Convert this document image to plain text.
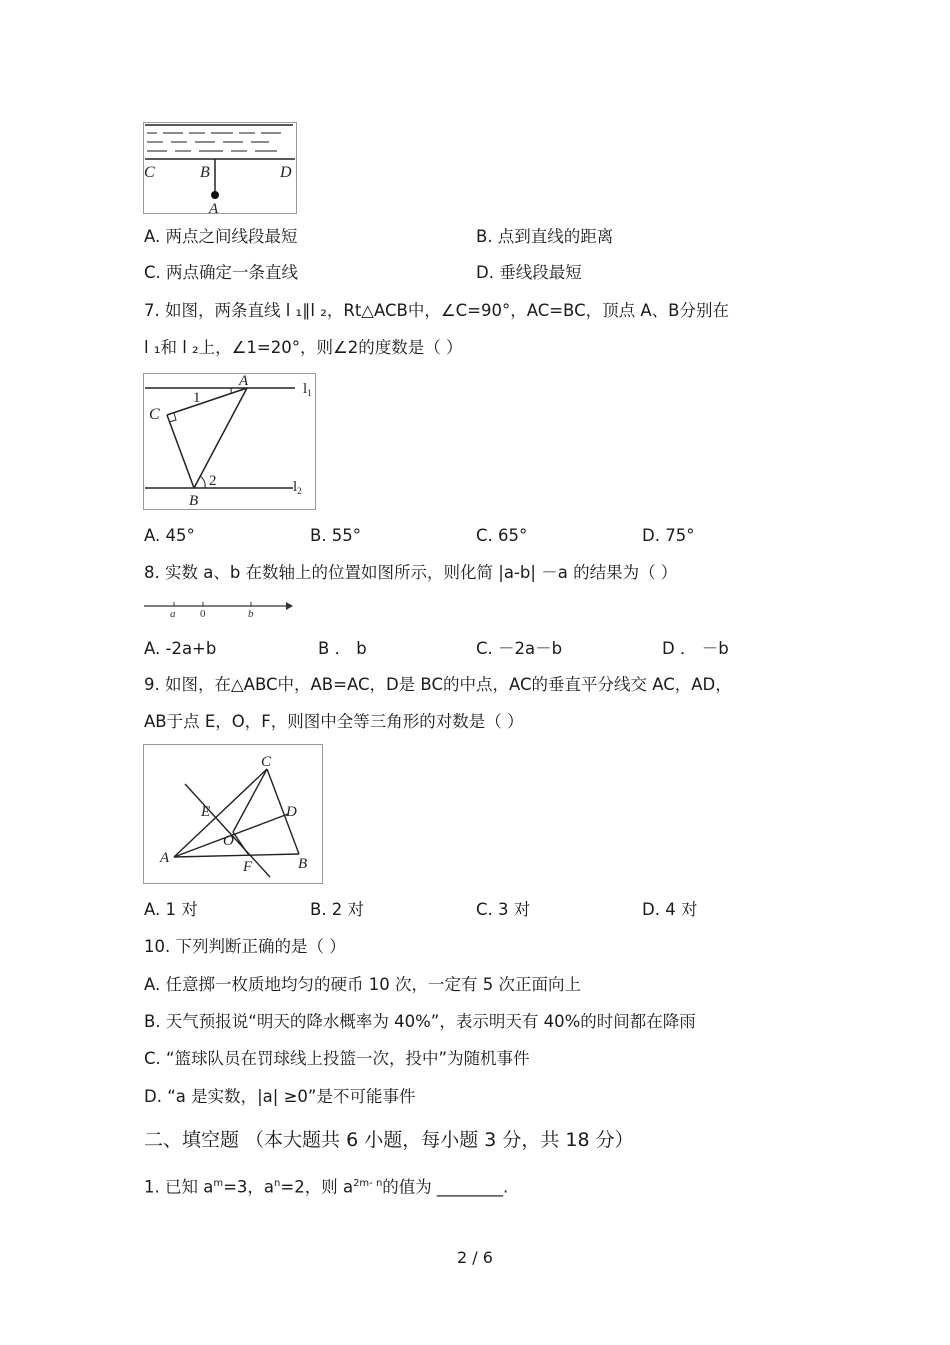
C	B	D
A
A. 两点之间线段最短	B. 点到直线的距离
C. 两点确定一条直线	D. 垂线段最短
7. 如图，两条直线 l ₁∥l ₂，Rt△ACB中，∠C=90°，AC=BC，顶点 A、B分别在
l ₁和 l ₂上，∠1=20°，则∠2的度数是（ ）
A
C
B
1
2
$l_1$
$l_2$
A. 45°	B. 55°	C. 65°	D. 75°
8. 实数 a、b 在数轴上的位置如图所示，则化简 |a-b| －a 的结果为（ ）
a 0	b
A. -2a+b	B ． b	C. －2a－b	D ． －b
9. 如图，在△ABC中，AB=AC，D是 BC的中点，AC的垂直平分线交 AC，AD，
AB于点 E，O，F，则图中全等三角形的对数是（ ）
C
E	D
O
A
F	B
A. 1 对	B. 2 对	C. 3 对	D. 4 对
10. 下列判断正确的是（ ）
A. 任意掷一枚质地均匀的硬币 10 次，一定有 5 次正面向上
B. 天气预报说“明天的降水概率为 40%”，表示明天有 40%的时间都在降雨
C. “篮球队员在罚球线上投篮一次，投中”为随机事件
D. “a 是实数，|a| ≥0”是不可能事件
二、填空题 （本大题共 6 小题，每小题 3 分，共 18 分）
1. 已知 $a^m=3$，$a^n=2$，则 $a^{2m- n}$的值为 ________.
2 / 6
